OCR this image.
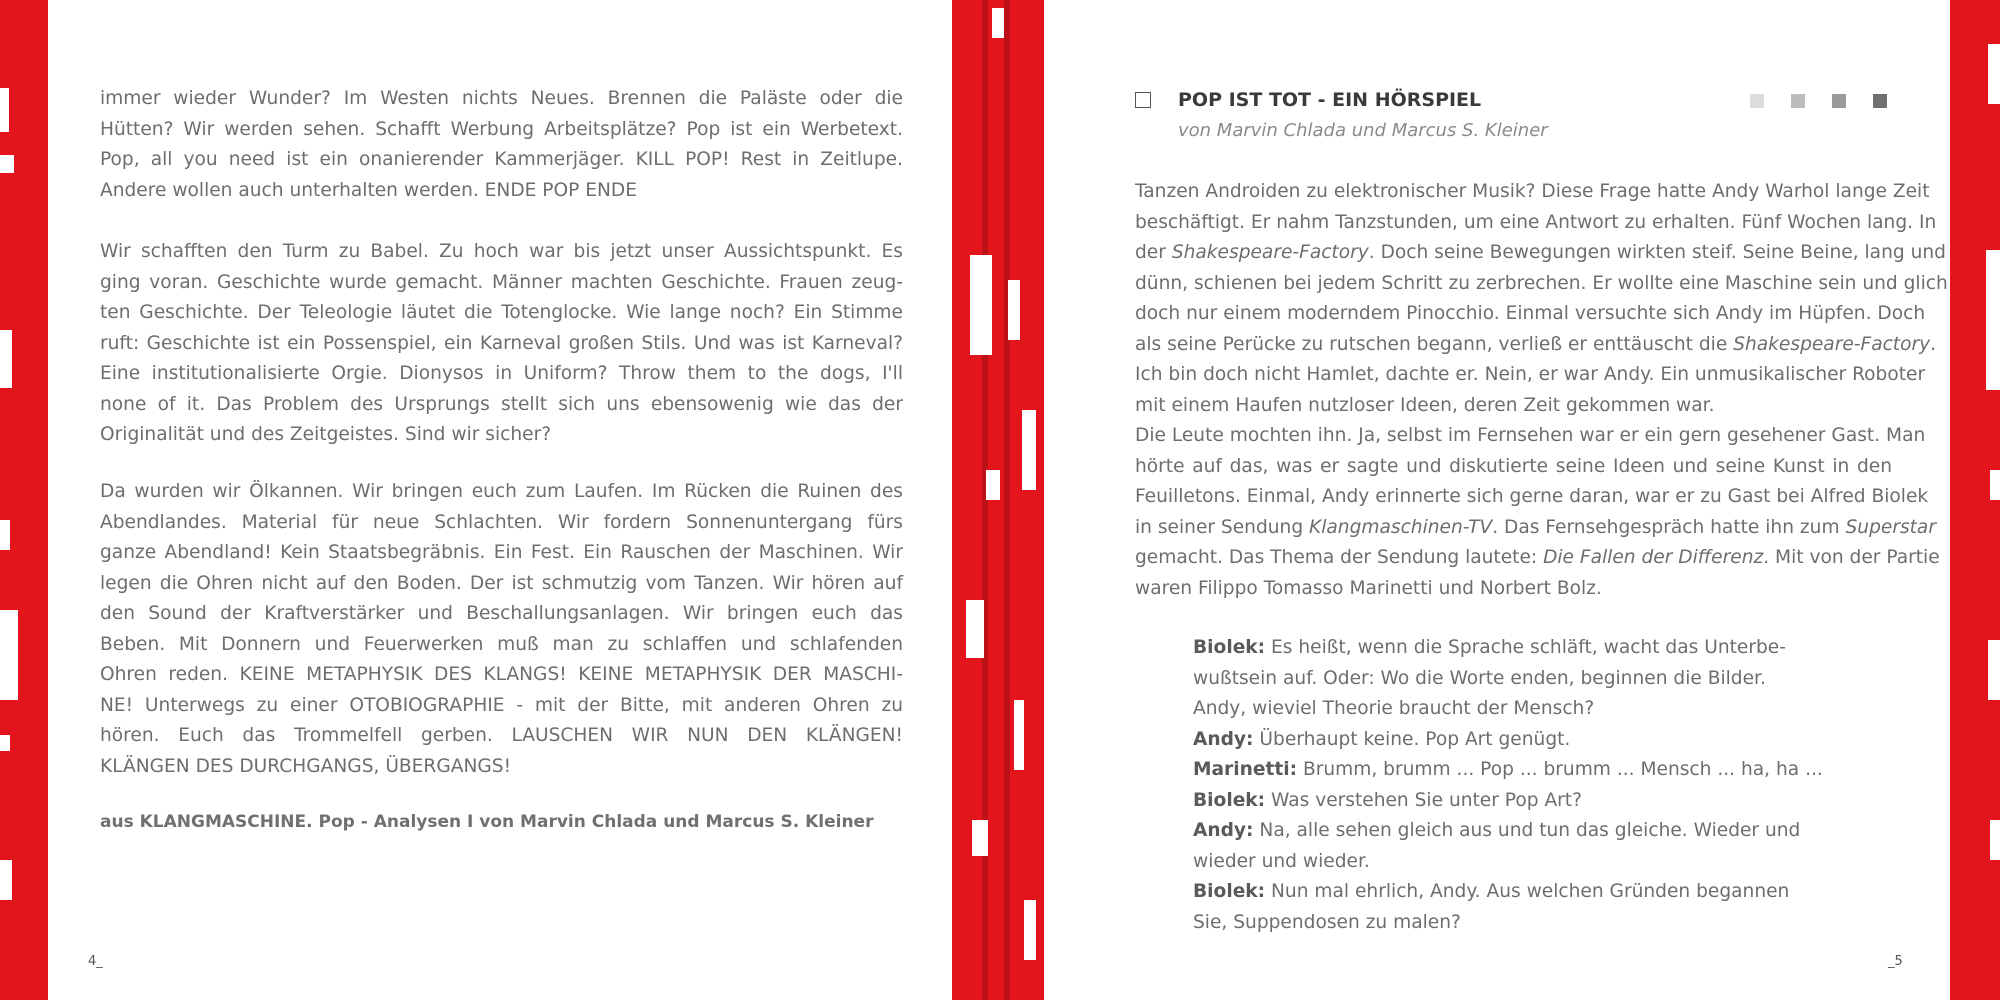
immer wieder Wunder? Im Westen nichts Neues. Brennen die Paläste oder die
Hütten? Wir werden sehen. Schafft Werbung Arbeitsplätze? Pop ist ein Werbetext.
Pop, all you need ist ein onanierender Kammerjäger. KILL POP! Rest in Zeitlupe.
Andere wollen auch unterhalten werden. ENDE POP ENDE

Wir schafften den Turm zu Babel. Zu hoch war bis jetzt unser Aussichtspunkt. Es
ging voran. Geschichte wurde gemacht. Männer machten Geschichte. Frauen zeug-
ten Geschichte. Der Teleologie läutet die Totenglocke. Wie lange noch? Ein Stimme
ruft: Geschichte ist ein Possenspiel, ein Karneval großen Stils. Und was ist Karneval?
Eine institutionalisierte Orgie. Dionysos in Uniform? Throw them to the dogs, I'll
none of it. Das Problem des Ursprungs stellt sich uns ebensowenig wie das der
Originalität und des Zeitgeistes. Sind wir sicher?

Da wurden wir Ölkannen. Wir bringen euch zum Laufen. Im Rücken die Ruinen des
Abendlandes. Material für neue Schlachten. Wir fordern Sonnenuntergang fürs
ganze Abendland! Kein Staatsbegräbnis. Ein Fest. Ein Rauschen der Maschinen. Wir
legen die Ohren nicht auf den Boden. Der ist schmutzig vom Tanzen. Wir hören auf
den Sound der Kraftverstärker und Beschallungsanlagen. Wir bringen euch das
Beben. Mit Donnern und Feuerwerken muß man zu schlaffen und schlafenden
Ohren reden. KEINE METAPHYSIK DES KLANGS! KEINE METAPHYSIK DER MASCHI-
NE! Unterwegs zu einer OTOBIOGRAPHIE - mit der Bitte, mit anderen Ohren zu
hören. Euch das Trommelfell gerben. LAUSCHEN WIR NUN DEN KLÄNGEN!
KLÄNGEN DES DURCHGANGS, ÜBERGANGS!

aus KLANGMASCHINE. Pop - Analysen I von Marvin Chlada und Marcus S. Kleiner

4_
POP IST TOT - EIN HÖRSPIEL

von Marvin Chlada und Marcus S. Kleiner

Tanzen Androiden zu elektronischer Musik? Diese Frage hatte Andy Warhol lange Zeit
beschäftigt. Er nahm Tanzstunden, um eine Antwort zu erhalten. Fünf Wochen lang. In
der Shakespeare-Factory. Doch seine Bewegungen wirkten steif. Seine Beine, lang und
dünn, schienen bei jedem Schritt zu zerbrechen. Er wollte eine Maschine sein und glich
doch nur einem moderndem Pinocchio. Einmal versuchte sich Andy im Hüpfen. Doch
als seine Perücke zu rutschen begann, verließ er enttäuscht die Shakespeare-Factory.
Ich bin doch nicht Hamlet, dachte er. Nein, er war Andy. Ein unmusikalischer Roboter
mit einem Haufen nutzloser Ideen, deren Zeit gekommen war.
Die Leute mochten ihn. Ja, selbst im Fernsehen war er ein gern gesehener Gast. Man
hörte auf das, was er sagte und diskutierte seine Ideen und seine Kunst in den
Feuilletons. Einmal, Andy erinnerte sich gerne daran, war er zu Gast bei Alfred Biolek
in seiner Sendung Klangmaschinen-TV. Das Fernsehgespräch hatte ihn zum Superstar
gemacht. Das Thema der Sendung lautete: Die Fallen der Differenz. Mit von der Partie
waren Filippo Tomasso Marinetti und Norbert Bolz.

Biolek: Es heißt, wenn die Sprache schläft, wacht das Unterbe-
wußtsein auf. Oder: Wo die Worte enden, beginnen die Bilder.
Andy, wieviel Theorie braucht der Mensch?
Andy: Überhaupt keine. Pop Art genügt.
Marinetti: Brumm, brumm ... Pop ... brumm ... Mensch ... ha, ha ...
Biolek: Was verstehen Sie unter Pop Art?
Andy: Na, alle sehen gleich aus und tun das gleiche. Wieder und
wieder und wieder.
Biolek: Nun mal ehrlich, Andy. Aus welchen Gründen begannen
Sie, Suppendosen zu malen?
_5
